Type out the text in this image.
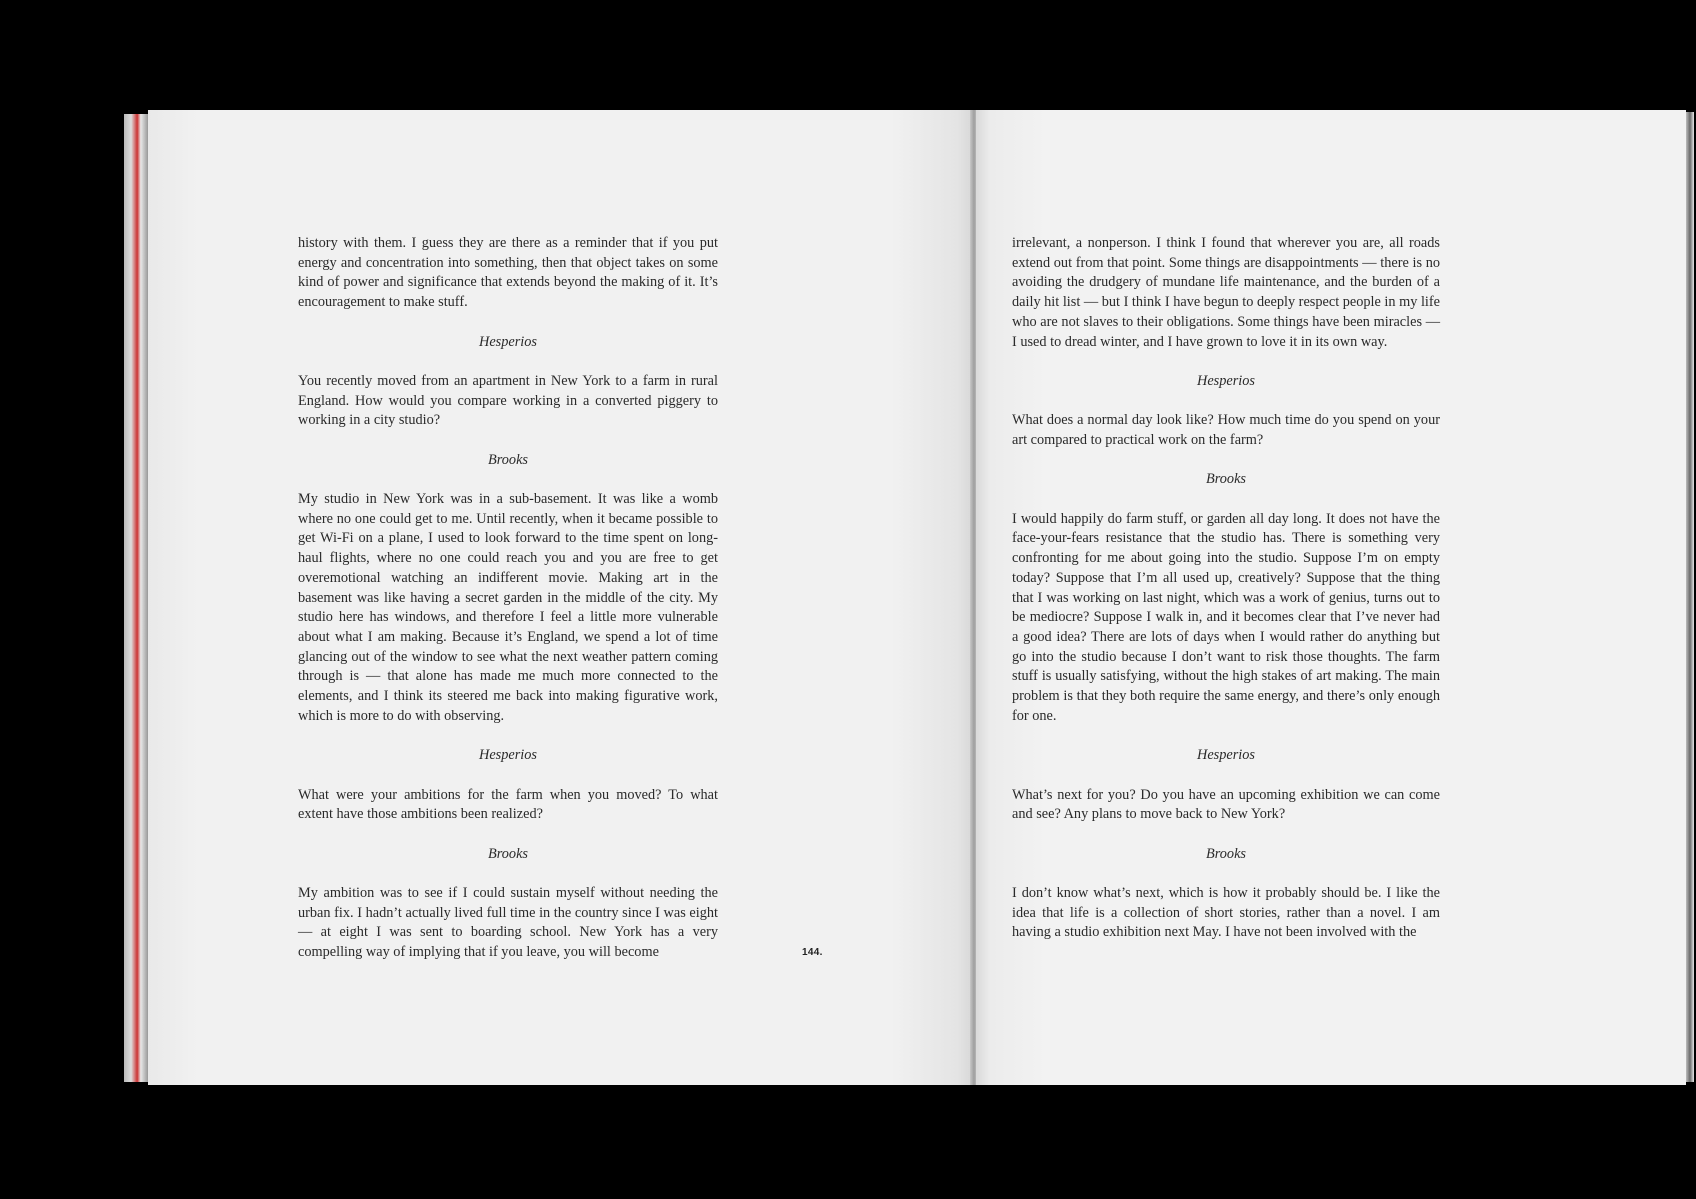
history with them. I guess they are there as a reminder that if you put energy and concentration into something, then that object takes on some kind of power and significance that extends beyond the making of it. It’s encouragement to make stuff.

Hesperios

You recently moved from an apartment in New York to a farm in rural England. How would you compare working in a converted piggery to working in a city studio?

Brooks

My studio in New York was in a sub-basement. It was like a womb where no one could get to me. Until recently, when it became possible to get Wi-Fi on a plane, I used to look forward to the time spent on long-haul flights, where no one could reach you and you are free to get overemotional watching an indifferent movie. Making art in the basement was like having a secret garden in the middle of the city. My studio here has windows, and therefore I feel a little more vulnerable about what I am making. Because it’s England, we spend a lot of time glancing out of the window to see what the next weather pattern coming through is — that alone has made me much more connected to the elements, and I think its steered me back into making figurative work, which is more to do with observing.

Hesperios

What were your ambitions for the farm when you moved? To what extent have those ambitions been realized?

Brooks

My ambition was to see if I could sustain myself without needing the urban fix. I hadn’t actually lived full time in the country since I was eight — at eight I was sent to boarding school. New York has a very compelling way of implying that if you leave, you will become	144.

irrelevant, a nonperson. I think I found that wherever you are, all roads extend out from that point. Some things are disappointments — there is no avoiding the drudgery of mundane life maintenance, and the burden of a daily hit list — but I think I have begun to deeply respect people in my life who are not slaves to their obligations. Some things have been miracles — I used to dread winter, and I have grown to love it in its own way.

Hesperios

What does a normal day look like? How much time do you spend on your art compared to practical work on the farm?

Brooks

I would happily do farm stuff, or garden all day long. It does not have the face-your-fears resistance that the studio has. There is something very confronting for me about going into the studio. Suppose I’m on empty today? Suppose that I’m all used up, creatively? Suppose that the thing that I was working on last night, which was a work of genius, turns out to be mediocre? Suppose I walk in, and it becomes clear that I’ve never had a good idea? There are lots of days when I would rather do anything but go into the studio because I don’t want to risk those thoughts. The farm stuff is usually satisfying, without the high stakes of art making. The main problem is that they both require the same energy, and there’s only enough for one.

Hesperios

What’s next for you? Do you have an upcoming exhibition we can come and see? Any plans to move back to New York?

Brooks

I don’t know what’s next, which is how it probably should be. I like the idea that life is a collection of short stories, rather than a novel. I am having a studio exhibition next May. I have not been involved with the
